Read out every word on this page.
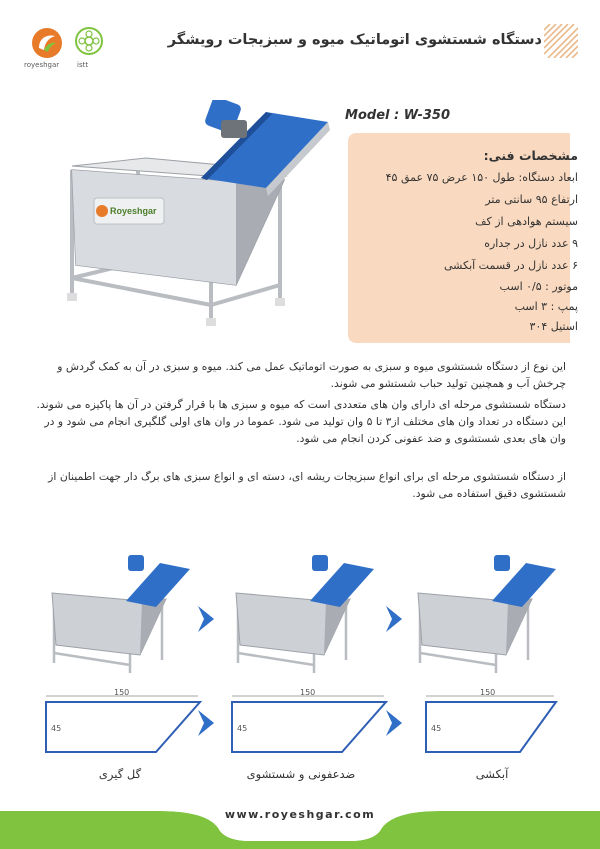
royeshgar	istt
دستگاه شستشوی اتوماتیک میوه و سبزیجات رویشگر
Model : W-350
Royeshgar
مشخصات فنی:
ابعاد دستگاه: طول ۱۵۰ عرض ۷۵ عمق ۴۵
ارتفاع ۹۵ سانتی متر
سیستم هوادهی از کف
۹ عدد نازل در جداره
۶ عدد نازل در قسمت آبکشی
موتور : ۰/۵ اسب
پمپ : ۳ اسب
استیل ۳۰۴
این نوع از دستگاه شستشوی میوه و سبزی به صورت اتوماتیک عمل می کند. میوه و سبزی در آن به کمک گردش و چرخش آب و همچنین تولید حباب شستشو می شوند.
دستگاه شستشوی مرحله ای دارای وان های متعددی است که میوه و سبزی ها با قرار گرفتن در آن ها پاکیزه می شوند. این دستگاه در تعداد وان های مختلف از۳ تا ۵ وان تولید می شود. عموما در وان های اولی گلگیری انجام می شود و در وان های بعدی شستشوی و ضد عفونی کردن انجام می شود.
از دستگاه شستشوی مرحله ای برای انواع سبزیجات ریشه ای، دسته ای و انواع سبزی های برگ دار جهت اطمینان از شستشوی دقیق استفاده می شود.
150
45
150
45
150
45
گل گیری	ضدعفونی و شستشوی	آبکشی
www.royeshgar.com
